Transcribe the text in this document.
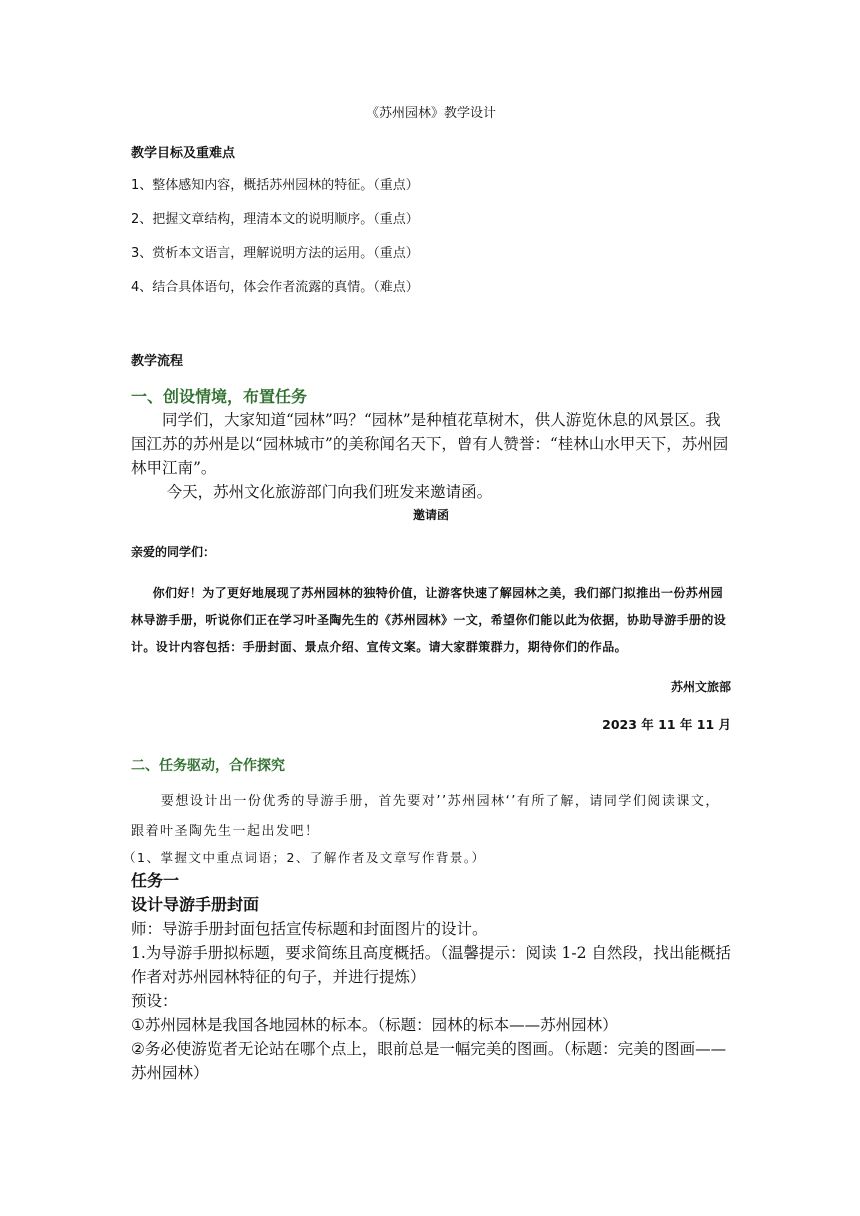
《苏州园林》教学设计
教学目标及重难点
1、整体感知内容，概括苏州园林的特征。（重点）
2、把握文章结构，理清本文的说明顺序。（重点）
3、赏析本文语言，理解说明方法的运用。（重点）
4、结合具体语句，体会作者流露的真情。（难点）
教学流程
一、创设情境，布置任务

同学们，大家知道“园林”吗？“园林”是种植花草树木，供人游览休息的风景区。我国江苏的苏州是以“园林城市”的美称闻名天下，曾有人赞誉：“桂林山水甲天下，苏州园林甲江南”。

今天，苏州文化旅游部门向我们班发来邀请函。

邀请函
亲爱的同学们：

你们好！为了更好地展现了苏州园林的独特价值，让游客快速了解园林之美，我们部门拟推出一份苏州园林导游手册，听说你们正在学习叶圣陶先生的《苏州园林》一文，希望你们能以此为依据，协助导游手册的设计。设计内容包括：手册封面、景点介绍、宣传文案。请大家群策群力，期待你们的作品。

苏州文旅部
2023 年 11 年 11 月
二、任务驱动，合作探究

要想设计出一份优秀的导游手册，首先要对’’苏州园林‘’有所了解，请同学们阅读课文，跟着叶圣陶先生一起出发吧！

（1、掌握文中重点词语；2、了解作者及文章写作背景。）

任务一
设计导游手册封面

师：导游手册封面包括宣传标题和封面图片的设计。

1.为导游手册拟标题，要求简练且高度概括。（温馨提示：阅读 1-2 自然段，找出能概括作者对苏州园林特征的句子，并进行提炼）

预设：

①苏州园林是我国各地园林的标本。（标题：园林的标本——苏州园林）

②务必使游览者无论站在哪个点上，眼前总是一幅完美的图画。（标题：完美的图画——苏州园林）
